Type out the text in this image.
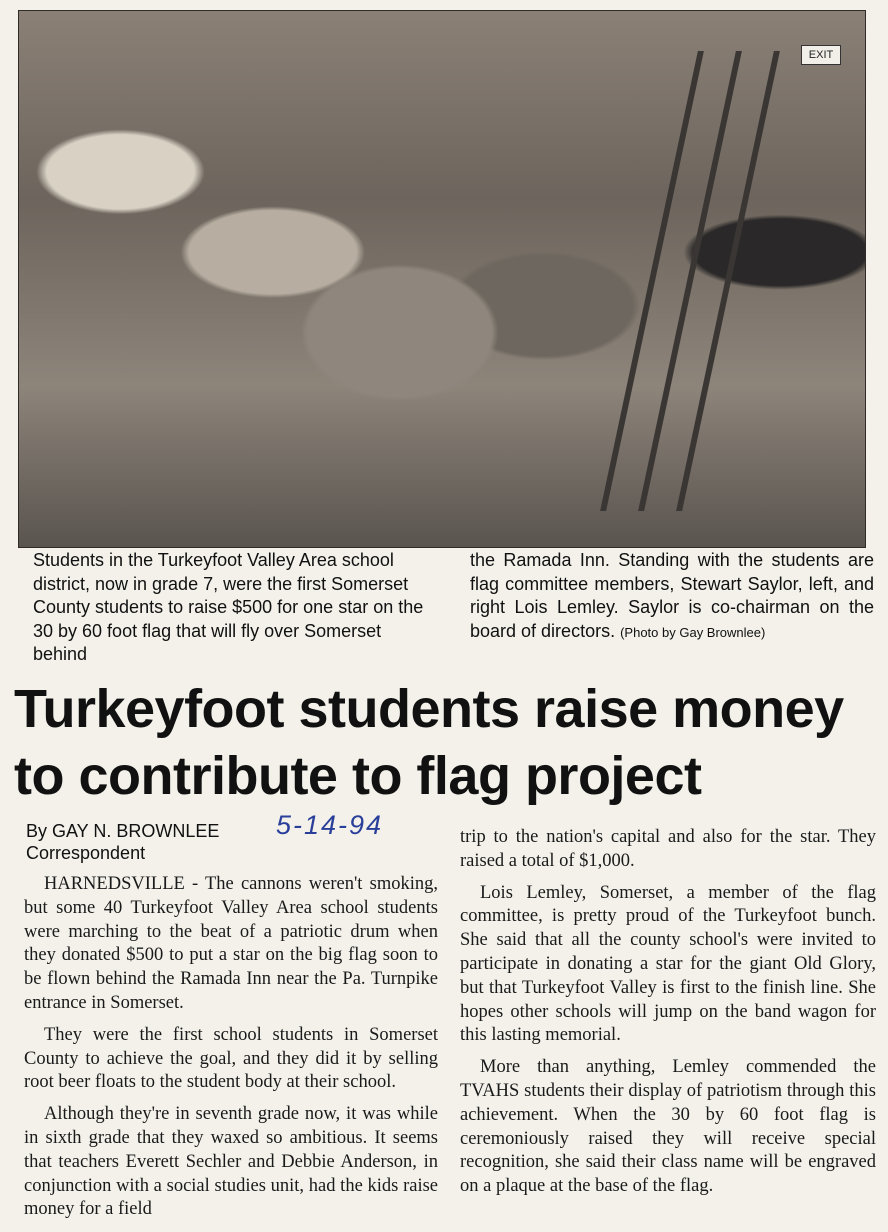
EXIT
Students in the Turkeyfoot Valley Area school district, now in grade 7, were the first Somerset County students to raise $500 for one star on the 30 by 60 foot flag that will fly over Somerset behind
the Ramada Inn. Standing with the students are flag committee members, Stewart Saylor, left, and right Lois Lemley. Saylor is co-chairman on the board of directors. (Photo by Gay Brownlee)
Turkeyfoot students raise money
to contribute to flag project
By GAY N. BROWNLEE
Correspondent
5-14-94

HARNEDSVILLE - The cannons weren't smoking, but some 40 Turkeyfoot Valley Area school students were marching to the beat of a patriotic drum when they donated $500 to put a star on the big flag soon to be flown behind the Ramada Inn near the Pa. Turnpike entrance in Somerset.

They were the first school students in Somerset County to achieve the goal, and they did it by selling root beer floats to the student body at their school.

Although they're in seventh grade now, it was while in sixth grade that they waxed so ambitious. It seems that teachers Everett Sechler and Debbie Anderson, in conjunction with a social studies unit, had the kids raise money for a field

trip to the nation's capital and also for the star. They raised a total of $1,000.

Lois Lemley, Somerset, a member of the flag committee, is pretty proud of the Turkeyfoot bunch. She said that all the county school's were invited to participate in donating a star for the giant Old Glory, but that Turkeyfoot Valley is first to the finish line. She hopes other schools will jump on the band wagon for this lasting memorial.

More than anything, Lemley commended the TVAHS students their display of patriotism through this achievement. When the 30 by 60 foot flag is ceremoniously raised they will receive special recognition, she said their class name will be engraved on a plaque at the base of the flag.
